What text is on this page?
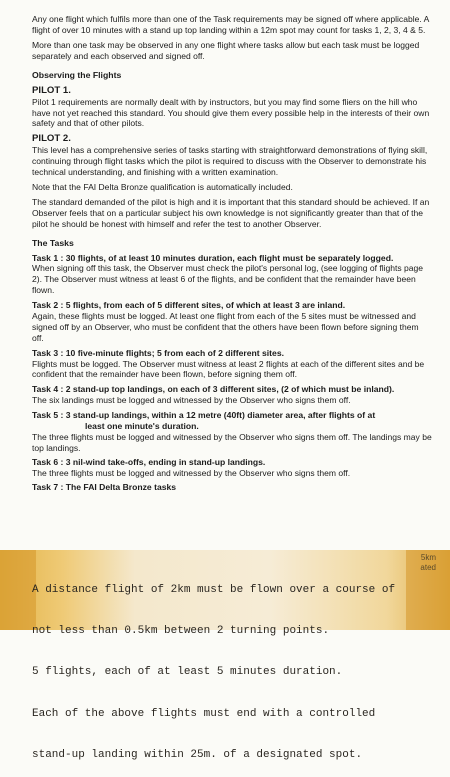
Any one flight which fulfils more than one of the Task requirements may be signed off where applicable. A flight of over 10 minutes with a stand up top landing within a 12m spot may count for tasks 1, 2, 3, 4 & 5.

More than one task may be observed in any one flight where tasks allow but each task must be logged separately and each observed and signed off.

Observing the Flights

PILOT 1.

Pilot 1 requirements are normally dealt with by instructors, but you may find some fliers on the hill who have not yet reached this standard. You should give them every possible help in the interests of their own safety and that of other pilots.

PILOT 2.

This level has a comprehensive series of tasks starting with straightforward demonstrations of flying skill, continuing through flight tasks which the pilot is required to discuss with the Observer to demonstrate his technical understanding, and finishing with a written examination.

Note that the FAI Delta Bronze qualification is automatically included.

The standard demanded of the pilot is high and it is important that this standard should be achieved. If an Observer feels that on a particular subject his own knowledge is not significantly greater than that of the pilot he should be honest with himself and refer the test to another Observer.

The Tasks

Task 1 : 30 flights, of at least 10 minutes duration, each flight must be separately logged.

When signing off this task, the Observer must check the pilot's personal log, (see logging of flights page 2). The Observer must witness at least 6 of the flights, and be confident that the remainder have been flown.

Task 2 : 5 flights, from each of 5 different sites, of which at least 3 are inland.

Again, these flights must be logged. At least one flight from each of the 5 sites must be witnessed and signed off by an Observer, who must be confident that the others have been flown before signing them off.

Task 3 : 10 five-minute flights; 5 from each of 2 different sites.

Flights must be logged. The Observer must witness at least 2 flights at each of the different sites and be confident that the remainder have been flown, before signing them off.

Task 4 : 2 stand-up top landings, on each of 3 different sites, (2 of which must be inland).

The six landings must be logged and witnessed by the Observer who signs them off.

Task 5 : 3 stand-up landings, within a 12 metre (40ft) diameter area, after flights of at

least one minute's duration.

The three flights must be logged and witnessed by the Observer who signs them off. The landings may be top landings.

Task 6 : 3 nil-wind take-offs, ending in stand-up landings.

The three flights must be logged and witnessed by the Observer who signs them off.

Task 7 : The FAI Delta Bronze tasks

5km
ated

A distance flight of 2km must be flown over a course of

not less than 0.5km between 2 turning points.

5 flights, each of at least 5 minutes duration.

Each of the above flights must end with a controlled

stand-up landing within 25m. of a designated spot.
